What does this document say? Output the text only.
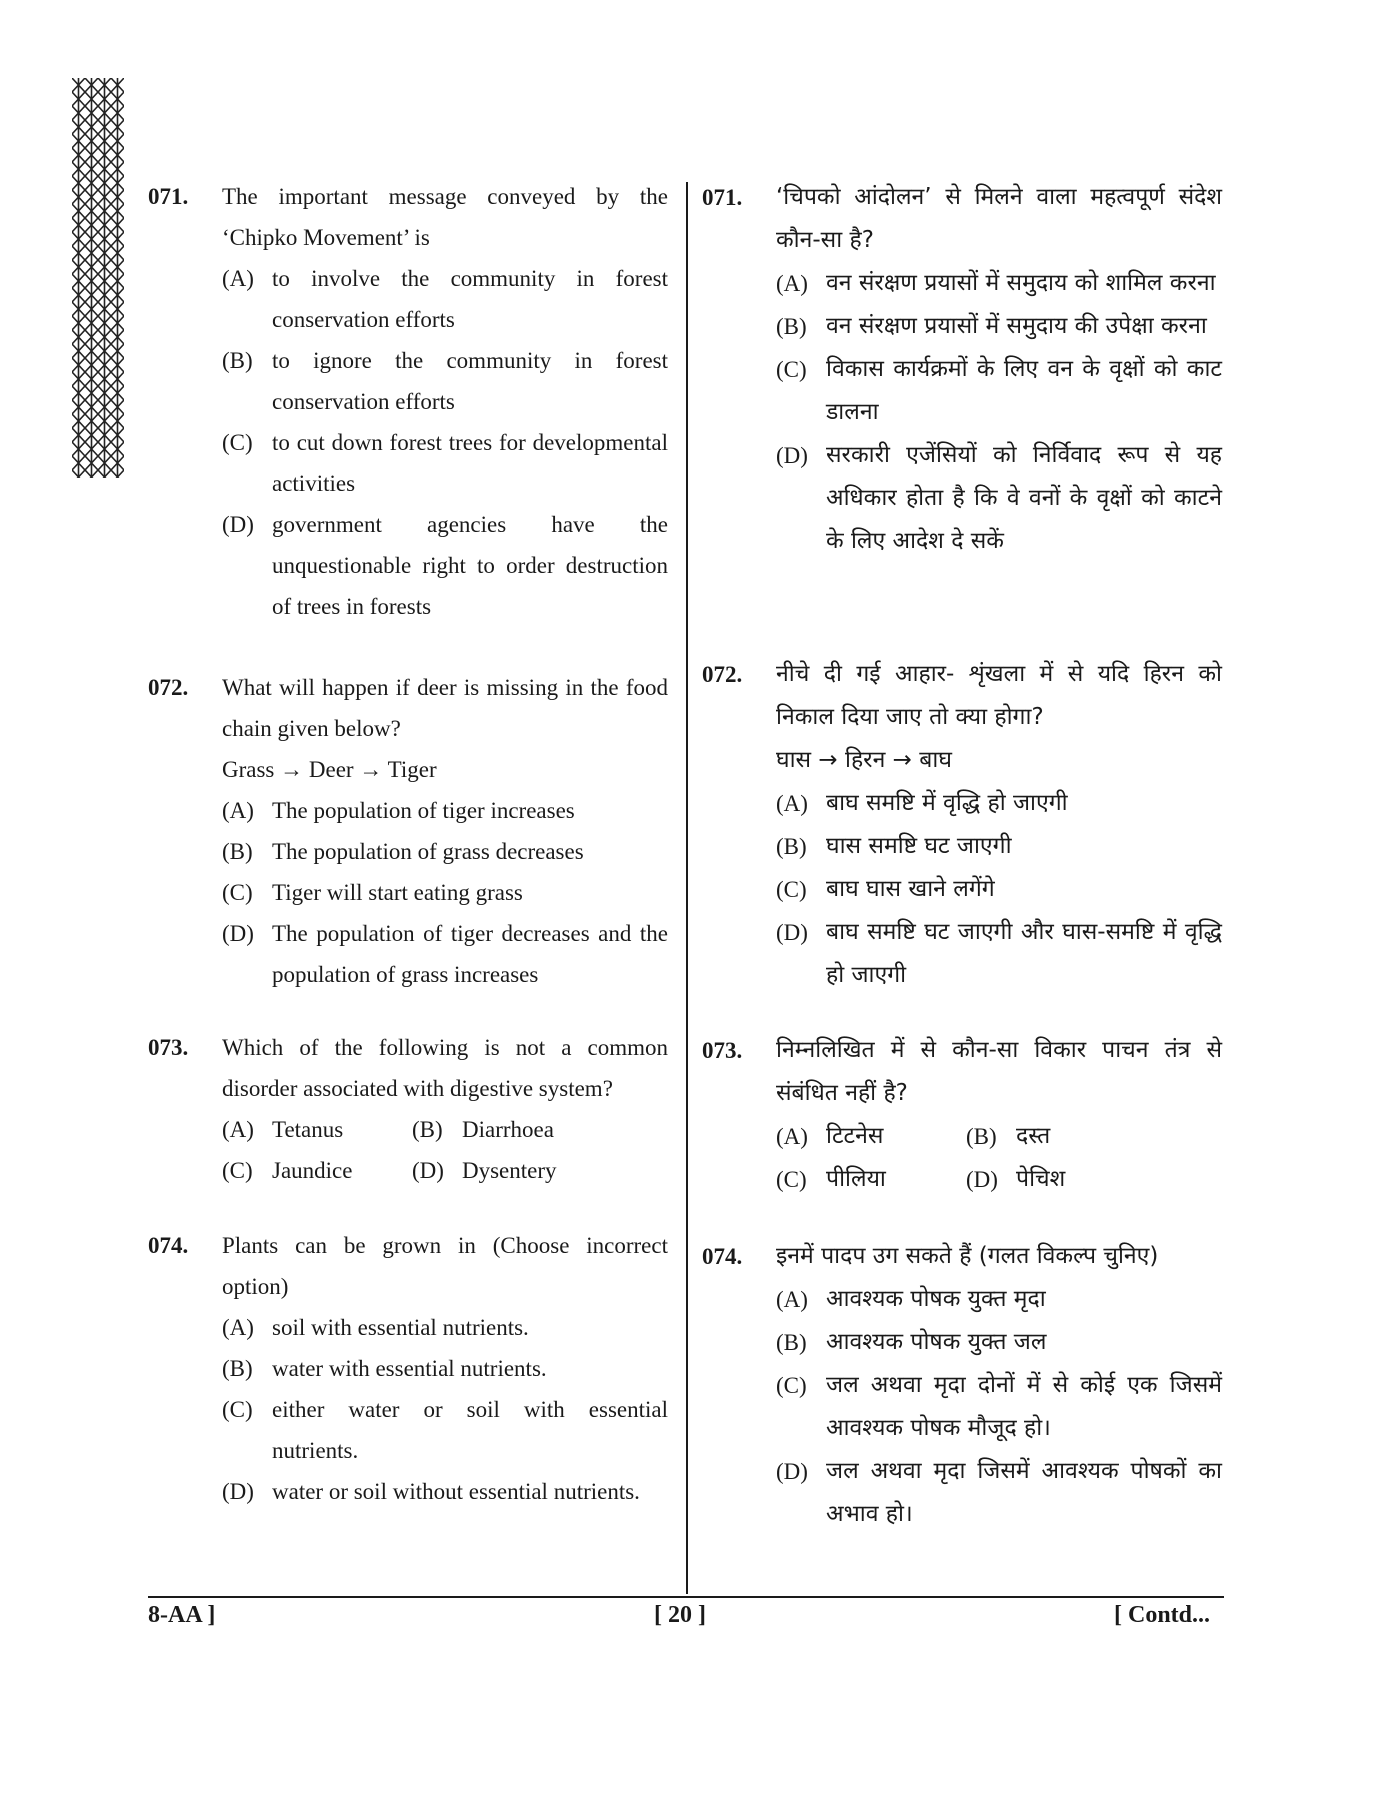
071. The important message conveyed by the ‘Chipko Movement’ is
(A) to involve the community in forest conservation efforts
(B) to ignore the community in forest conservation efforts
(C) to cut down forest trees for developmental activities
(D) government agencies have the unquestionable right to order destruction of trees in forests
072. What will happen if deer is missing in the food chain given below?
Grass → Deer → Tiger
(A) The population of tiger increases
(B) The population of grass decreases
(C) Tiger will start eating grass
(D) The population of tiger decreases and the population of grass increases
073. Which of the following is not a common disorder associated with digestive system?
(A) Tetanus	(B) Diarrhoea
(C) Jaundice	(D) Dysentery
074. Plants can be grown in (Choose incorrect option)
(A) soil with essential nutrients.
(B) water with essential nutrients.
(C) either water or soil with essential nutrients.
(D) water or soil without essential nutrients.
071. ‘चिपको आंदोलन’ से मिलने वाला महत्वपूर्ण संदेश कौन-सा है?
(A) वन संरक्षण प्रयासों में समुदाय को शामिल करना
(B) वन संरक्षण प्रयासों में समुदाय की उपेक्षा करना
(C) विकास कार्यक्रमों के लिए वन के वृक्षों को काट डालना
(D) सरकारी एजेंसियों को निर्विवाद रूप से यह अधिकार होता है कि वे वनों के वृक्षों को काटने के लिए आदेश दे सकें
072. नीचे दी गई आहार- शृंखला में से यदि हिरन को निकाल दिया जाए तो क्या होगा?
घास → हिरन → बाघ
(A) बाघ समष्टि में वृद्धि हो जाएगी
(B) घास समष्टि घट जाएगी
(C) बाघ घास खाने लगेंगे
(D) बाघ समष्टि घट जाएगी और घास-समष्टि में वृद्धि हो जाएगी
073. निम्नलिखित में से कौन-सा विकार पाचन तंत्र से संबंधित नहीं है?
(A) टिटनेस	(B) दस्त
(C) पीलिया	(D) पेचिश
074. इनमें पादप उग सकते हैं (गलत विकल्प चुनिए)
(A) आवश्यक पोषक युक्त मृदा
(B) आवश्यक पोषक युक्त जल
(C) जल अथवा मृदा दोनों में से कोई एक जिसमें आवश्यक पोषक मौजूद हो।
(D) जल अथवा मृदा जिसमें आवश्यक पोषकों का अभाव हो।
8-AA ]	[ 20 ]	[ Contd...
